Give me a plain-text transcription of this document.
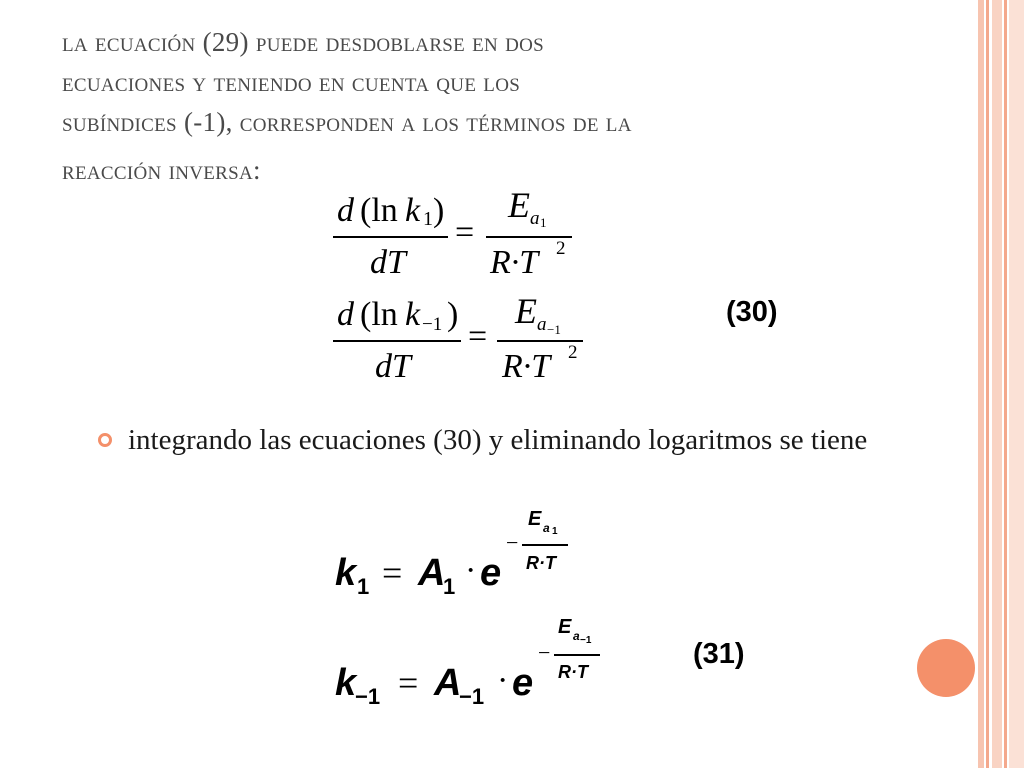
la ecuación (29) puede desdoblarse en dos
ecuaciones y teniendo en cuenta que los
subíndices (-1), corresponden a los términos de la
reacción inversa:
d (ln k 1 )
dT
=
E a 1
R·T 2
d (ln k −1 )
dT
=
E a −1
R·T 2
(30)
integrando las ecuaciones (30) y eliminando logaritmos se tiene
k 1 = A
1 · e
−
E a 1
R·T
k
−1 = A
−1 · e
−
E a −1
R·T
(31)
